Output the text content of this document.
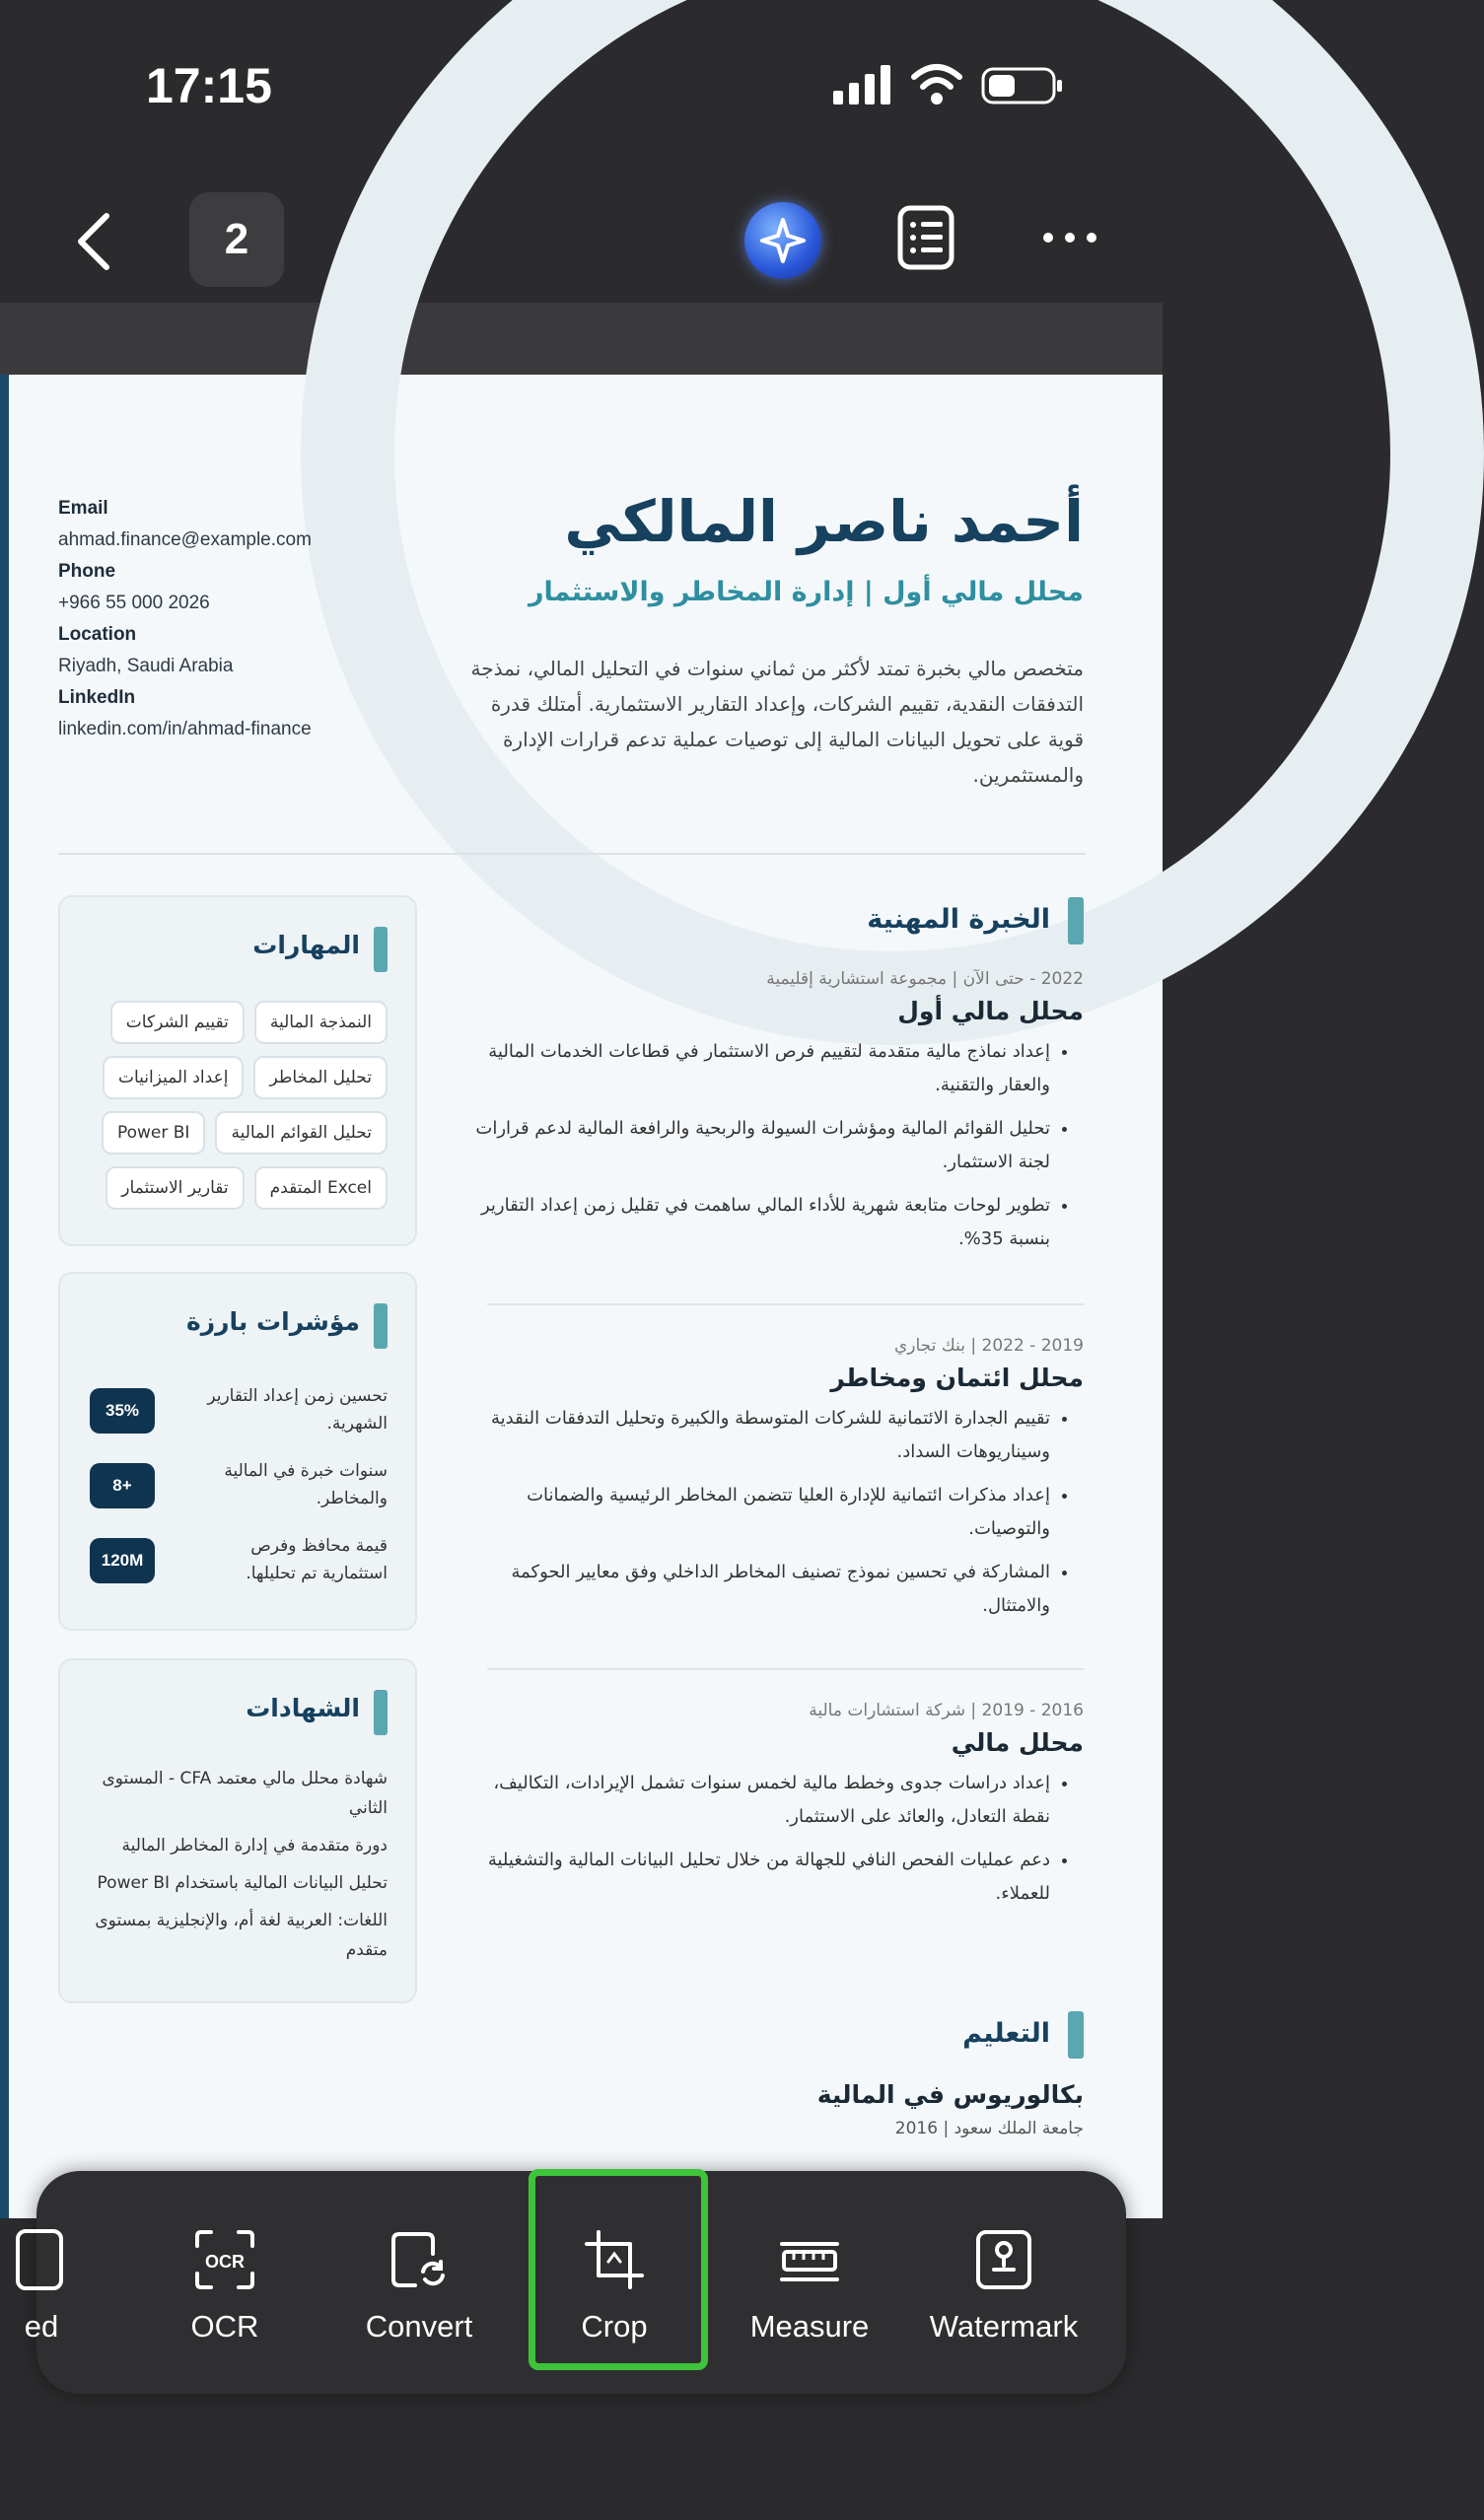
17:15
2
أحمد ناصر المالكي
محلل مالي أول | إدارة المخاطر والاستثمار
متخصص مالي بخبرة تمتد لأكثر من ثماني سنوات في التحليل المالي، نمذجة التدفقات النقدية، تقييم الشركات، وإعداد التقارير الاستثمارية. أمتلك قدرة قوية على تحويل البيانات المالية إلى توصيات عملية تدعم قرارات الإدارة والمستثمرين.
Email
ahmad.finance@example.com
Phone
+966 55 000 2026
Location
Riyadh, Saudi Arabia
LinkedIn
linkedin.com/in/ahmad-finance
المهارات
النمذجة المالية
تقييم الشركات
تحليل المخاطر
إعداد الميزانيات
تحليل القوائم المالية
Power BI
Excel المتقدم
تقارير الاستثمار
مؤشرات بارزة
35%
تحسين زمن إعداد التقارير الشهرية.
8+
سنوات خبرة في المالية والمخاطر.
120M
قيمة محافظ وفرص استثمارية تم تحليلها.
الشهادات
شهادة محلل مالي معتمد CFA - المستوى الثاني
دورة متقدمة في إدارة المخاطر المالية
تحليل البيانات المالية باستخدام Power BI
اللغات: العربية لغة أم، والإنجليزية بمستوى متقدم
الخبرة المهنية
2022 - حتى الآن | مجموعة استشارية إقليمية
محلل مالي أول
• إعداد نماذج مالية متقدمة لتقييم فرص الاستثمار في قطاعات الخدمات المالية والعقار والتقنية.
• تحليل القوائم المالية ومؤشرات السيولة والربحية والرافعة المالية لدعم قرارات لجنة الاستثمار.
• تطوير لوحات متابعة شهرية للأداء المالي ساهمت في تقليل زمن إعداد التقارير بنسبة 35%.
2019 - 2022 | بنك تجاري
محلل ائتمان ومخاطر
• تقييم الجدارة الائتمانية للشركات المتوسطة والكبيرة وتحليل التدفقات النقدية وسيناريوهات السداد.
• إعداد مذكرات ائتمانية للإدارة العليا تتضمن المخاطر الرئيسية والضمانات والتوصيات.
• المشاركة في تحسين نموذج تصنيف المخاطر الداخلي وفق معايير الحوكمة والامتثال.
2016 - 2019 | شركة استشارات مالية
محلل مالي
• إعداد دراسات جدوى وخطط مالية لخمس سنوات تشمل الإيرادات، التكاليف، نقطة التعادل، والعائد على الاستثمار.
• دعم عمليات الفحص النافي للجهالة من خلال تحليل البيانات المالية والتشغيلية للعملاء.
التعليم
بكالوريوس في المالية
جامعة الملك سعود | 2016
ed
OCR
OCR	Convert	Crop	Measure	Watermark
